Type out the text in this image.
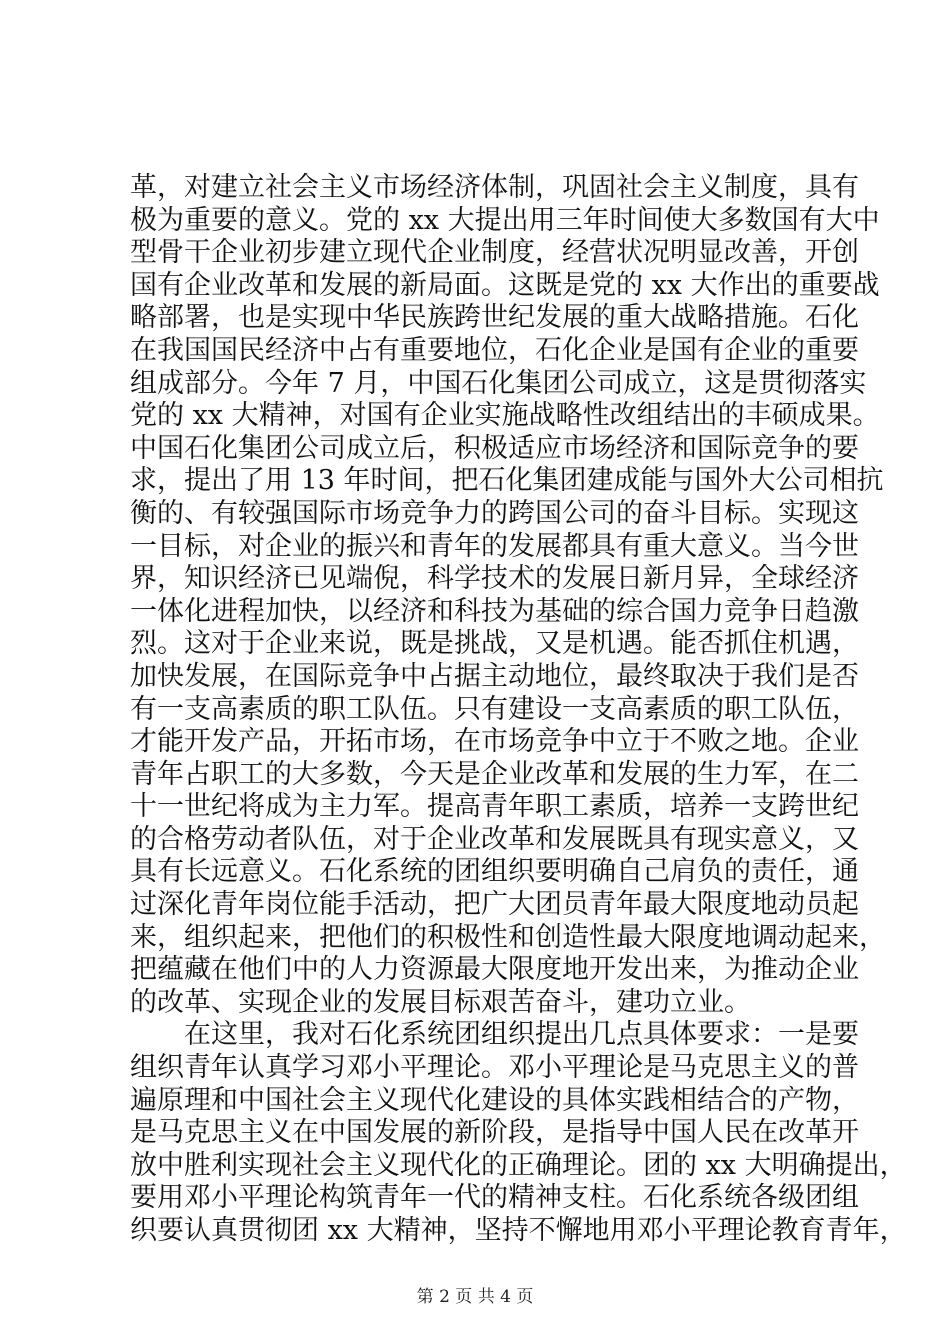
革，对建立社会主义市场经济体制，巩固社会主义制度，具有
极为重要的意义。党的 xx 大提出用三年时间使大多数国有大中
型骨干企业初步建立现代企业制度，经营状况明显改善，开创
国有企业改革和发展的新局面。这既是党的 xx 大作出的重要战
略部署，也是实现中华民族跨世纪发展的重大战略措施。石化
在我国国民经济中占有重要地位，石化企业是国有企业的重要
组成部分。今年 7 月，中国石化集团公司成立，这是贯彻落实
党的 xx 大精神，对国有企业实施战略性改组结出的丰硕成果。
中国石化集团公司成立后，积极适应市场经济和国际竞争的要
求，提出了用 13 年时间，把石化集团建成能与国外大公司相抗
衡的、有较强国际市场竞争力的跨国公司的奋斗目标。实现这
一目标，对企业的振兴和青年的发展都具有重大意义。当今世
界，知识经济已见端倪，科学技术的发展日新月异，全球经济
一体化进程加快，以经济和科技为基础的综合国力竞争日趋激
烈。这对于企业来说，既是挑战，又是机遇。能否抓住机遇，
加快发展，在国际竞争中占据主动地位，最终取决于我们是否
有一支高素质的职工队伍。只有建设一支高素质的职工队伍，
才能开发产品，开拓市场，在市场竞争中立于不败之地。企业
青年占职工的大多数，今天是企业改革和发展的生力军，在二
十一世纪将成为主力军。提高青年职工素质，培养一支跨世纪
的合格劳动者队伍，对于企业改革和发展既具有现实意义，又
具有长远意义。石化系统的团组织要明确自己肩负的责任，通
过深化青年岗位能手活动，把广大团员青年最大限度地动员起
来，组织起来，把他们的积极性和创造性最大限度地调动起来，
把蕴藏在他们中的人力资源最大限度地开发出来，为推动企业
的改革、实现企业的发展目标艰苦奋斗，建功立业。
在这里，我对石化系统团组织提出几点具体要求：一是要
组织青年认真学习邓小平理论。邓小平理论是马克思主义的普
遍原理和中国社会主义现代化建设的具体实践相结合的产物，
是马克思主义在中国发展的新阶段，是指导中国人民在改革开
放中胜利实现社会主义现代化的正确理论。团的 xx 大明确提出，
要用邓小平理论构筑青年一代的精神支柱。石化系统各级团组
织要认真贯彻团 xx 大精神，坚持不懈地用邓小平理论教育青年，
第 2 页 共 4 页
